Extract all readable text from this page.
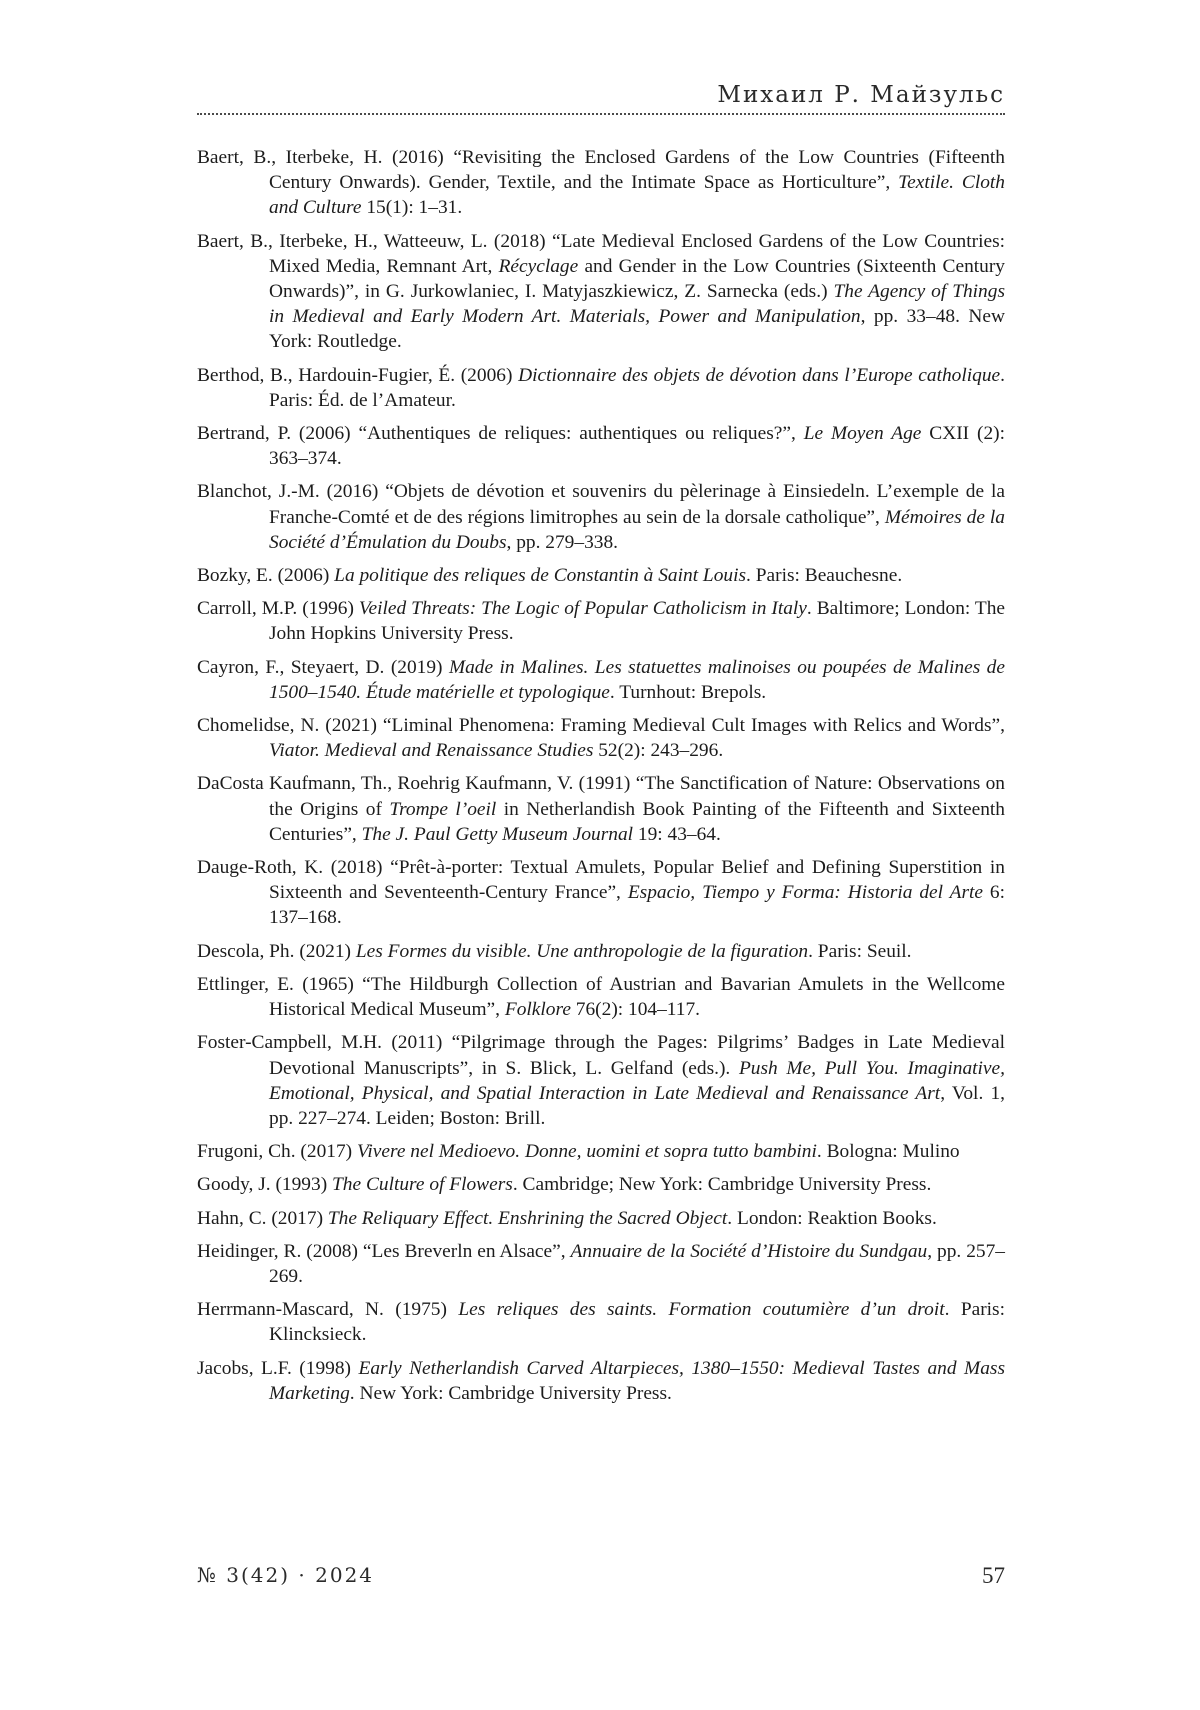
Михаил Р. Майзульс

Baert, B., Iterbeke, H. (2016) “Revisiting the Enclosed Gardens of the Low Countries (Fifteenth Century Onwards). Gender, Textile, and the Intimate Space as Horticulture”, Textile. Cloth and Culture 15(1): 1–31.

Baert, B., Iterbeke, H., Watteeuw, L. (2018) “Late Medieval Enclosed Gardens of the Low Countries: Mixed Media, Remnant Art, Récyclage and Gender in the Low Countries (Sixteenth Century Onwards)”, in G. Jurkowlaniec, I. Matyjaszkiewicz, Z. Sarnecka (eds.) The Agency of Things in Medieval and Early Modern Art. Materials, Power and Manipulation, pp. 33–48. New York: Routledge.

Berthod, B., Hardouin-Fugier, É. (2006) Dictionnaire des objets de dévotion dans l’Europe catholique. Paris: Éd. de l’Amateur.

Bertrand, P. (2006) “Authentiques de reliques: authentiques ou reliques?”, Le Moyen Age CXII (2): 363–374.

Blanchot, J.-M. (2016) “Objets de dévotion et souvenirs du pèlerinage à Einsiedeln. L’exemple de la Franche-Comté et de des régions limitrophes au sein de la dorsale catholique”, Mémoires de la Société d’Émulation du Doubs, pp. 279–338.

Bozky, E. (2006) La politique des reliques de Constantin à Saint Louis. Paris: Beauchesne.

Carroll, M.P. (1996) Veiled Threats: The Logic of Popular Catholicism in Italy. Baltimore; London: The John Hopkins University Press.

Cayron, F., Steyaert, D. (2019) Made in Malines. Les statuettes malinoises ou poupées de Malines de 1500–1540. Étude matérielle et typologique. Turnhout: Brepols.

Chomelidse, N. (2021) “Liminal Phenomena: Framing Medieval Cult Images with Relics and Words”, Viator. Medieval and Renaissance Studies 52(2): 243–296.

DaCosta Kaufmann, Th., Roehrig Kaufmann, V. (1991) “The Sanctification of Nature: Observations on the Origins of Trompe l’oeil in Netherlandish Book Painting of the Fifteenth and Sixteenth Centuries”, The J. Paul Getty Museum Journal 19: 43–64.

Dauge-Roth, K. (2018) “Prêt-à-porter: Textual Amulets, Popular Belief and Defining Superstition in Sixteenth and Seventeenth-Century France”, Espacio, Tiempo y Forma: Historia del Arte 6: 137–168.

Descola, Ph. (2021) Les Formes du visible. Une anthropologie de la figuration. Paris: Seuil.

Ettlinger, E. (1965) “The Hildburgh Collection of Austrian and Bavarian Amulets in the Wellcome Historical Medical Museum”, Folklore 76(2): 104–117.

Foster-Campbell, M.H. (2011) “Pilgrimage through the Pages: Pilgrims’ Badges in Late Medieval Devotional Manuscripts”, in S. Blick, L. Gelfand (eds.). Push Me, Pull You. Imaginative, Emotional, Physical, and Spatial Interaction in Late Medieval and Renaissance Art, Vol. 1, pp. 227–274. Leiden; Boston: Brill.

Frugoni, Ch. (2017) Vivere nel Medioevo. Donne, uomini et sopra tutto bambini. Bologna: Mulino

Goody, J. (1993) The Culture of Flowers. Cambridge; New York: Cambridge University Press.

Hahn, C. (2017) The Reliquary Effect. Enshrining the Sacred Object. London: Reaktion Books.

Heidinger, R. (2008) “Les Breverln en Alsace”, Annuaire de la Société d’Histoire du Sundgau, pp. 257–269.

Herrmann-Mascard, N. (1975) Les reliques des saints. Formation coutumière d’un droit. Paris: Klincksieck.

Jacobs, L.F. (1998) Early Netherlandish Carved Altarpieces, 1380–1550: Medieval Tastes and Mass Marketing. New York: Cambridge University Press.

№ 3(42) · 2024	57
